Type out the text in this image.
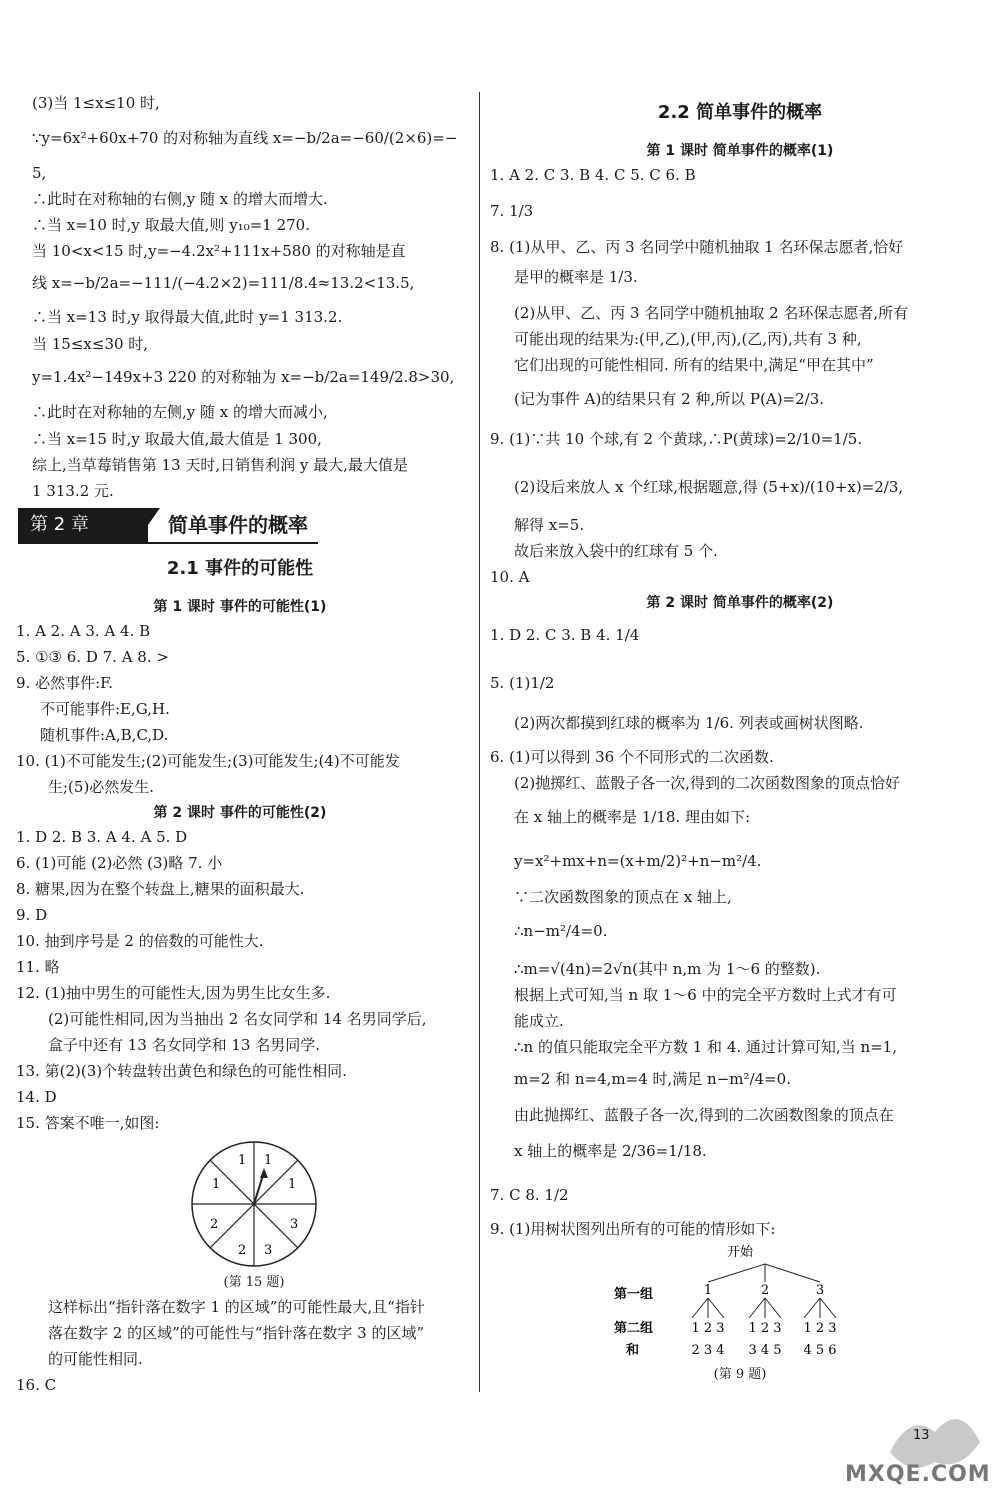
(3)当 1≤x≤10 时,
∵y=6x²+60x+70 的对称轴为直线 x=−b/2a=−60/(2×6)=−
5,
∴此时在对称轴的右侧,y 随 x 的增大而增大.
∴当 x=10 时,y 取最大值,则 y₁₀=1 270.
当 10<x<15 时,y=−4.2x²+111x+580 的对称轴是直
线 x=−b/2a=−111/(−4.2×2)=111/8.4≈13.2<13.5,
∴当 x=13 时,y 取得最大值,此时 y=1 313.2.
当 15≤x≤30 时,
y=1.4x²−149x+3 220 的对称轴为 x=−b/2a=149/2.8>30,
∴此时在对称轴的左侧,y 随 x 的增大而减小,
∴当 x=15 时,y 取最大值,最大值是 1 300,
综上,当草莓销售第 13 天时,日销售利润 y 最大,最大值是
1 313.2 元.
第 2 章	简单事件的概率
2.1 事件的可能性
第 1 课时 事件的可能性(1)
1. A 2. A 3. A 4. B
5. ①③ 6. D 7. A 8. >
9. 必然事件:F.
不可能事件:E,G,H.
随机事件:A,B,C,D.
10. (1)不可能发生;(2)可能发生;(3)可能发生;(4)不可能发
生;(5)必然发生.
第 2 课时 事件的可能性(2)
1. D 2. B 3. A 4. A 5. D
6. (1)可能 (2)必然 (3)略 7. 小
8. 糖果,因为在整个转盘上,糖果的面积最大.
9. D
10. 抽到序号是 2 的倍数的可能性大.
11. 略
12. (1)抽中男生的可能性大,因为男生比女生多.
(2)可能性相同,因为当抽出 2 名女同学和 14 名男同学后,
盒子中还有 13 名女同学和 13 名男同学.
13. 第(2)(3)个转盘转出黄色和绿色的可能性相同.
14. D
15. 答案不唯一,如图:
1 1
1	1
2	3
2 3
(第 15 题)
这样标出“指针落在数字 1 的区域”的可能性最大,且“指针
落在数字 2 的区域”的可能性与“指针落在数字 3 的区域”
的可能性相同.
16. C
2.2 简单事件的概率
第 1 课时 简单事件的概率(1)
1. A 2. C 3. B 4. C 5. C 6. B
7. 1/3
8. (1)从甲、乙、丙 3 名同学中随机抽取 1 名环保志愿者,恰好
是甲的概率是 1/3.
(2)从甲、乙、丙 3 名同学中随机抽取 2 名环保志愿者,所有
可能出现的结果为:(甲,乙),(甲,丙),(乙,丙),共有 3 种,
它们出现的可能性相同. 所有的结果中,满足“甲在其中”
(记为事件 A)的结果只有 2 种,所以 P(A)=2/3.
9. (1)∵共 10 个球,有 2 个黄球,∴P(黄球)=2/10=1/5.
(2)设后来放人 x 个红球,根据题意,得 (5+x)/(10+x)=2/3,
解得 x=5.
故后来放入袋中的红球有 5 个.
10. A
第 2 课时 简单事件的概率(2)
1. D 2. C 3. B 4. 1/4
5. (1)1/2
(2)两次都摸到红球的概率为 1/6. 列表或画树状图略.
6. (1)可以得到 36 个不同形式的二次函数.
(2)抛掷红、蓝骰子各一次,得到的二次函数图象的顶点恰好
在 x 轴上的概率是 1/18. 理由如下:
y=x²+mx+n=(x+m/2)²+n−m²/4.
∵二次函数图象的顶点在 x 轴上,
∴n−m²/4=0.
∴m=√(4n)=2√n(其中 n,m 为 1～6 的整数).
根据上式可知,当 n 取 1～6 中的完全平方数时上式才有可
能成立.
∴n 的值只能取完全平方数 1 和 4. 通过计算可知,当 n=1,
m=2 和 n=4,m=4 时,满足 n−m²/4=0.
由此抛掷红、蓝骰子各一次,得到的二次函数图象的顶点在
x 轴上的概率是 2/36=1/18.
7. C 8. 1/2
9. (1)用树状图列出所有的可能的情形如下:
开始
第一组	1	2	3
第二组	1 2 3 1 2 3 1 2 3
和	2 3 4 3 4 5 4 5 6
(第 9 题)
13
MXQE.COM
